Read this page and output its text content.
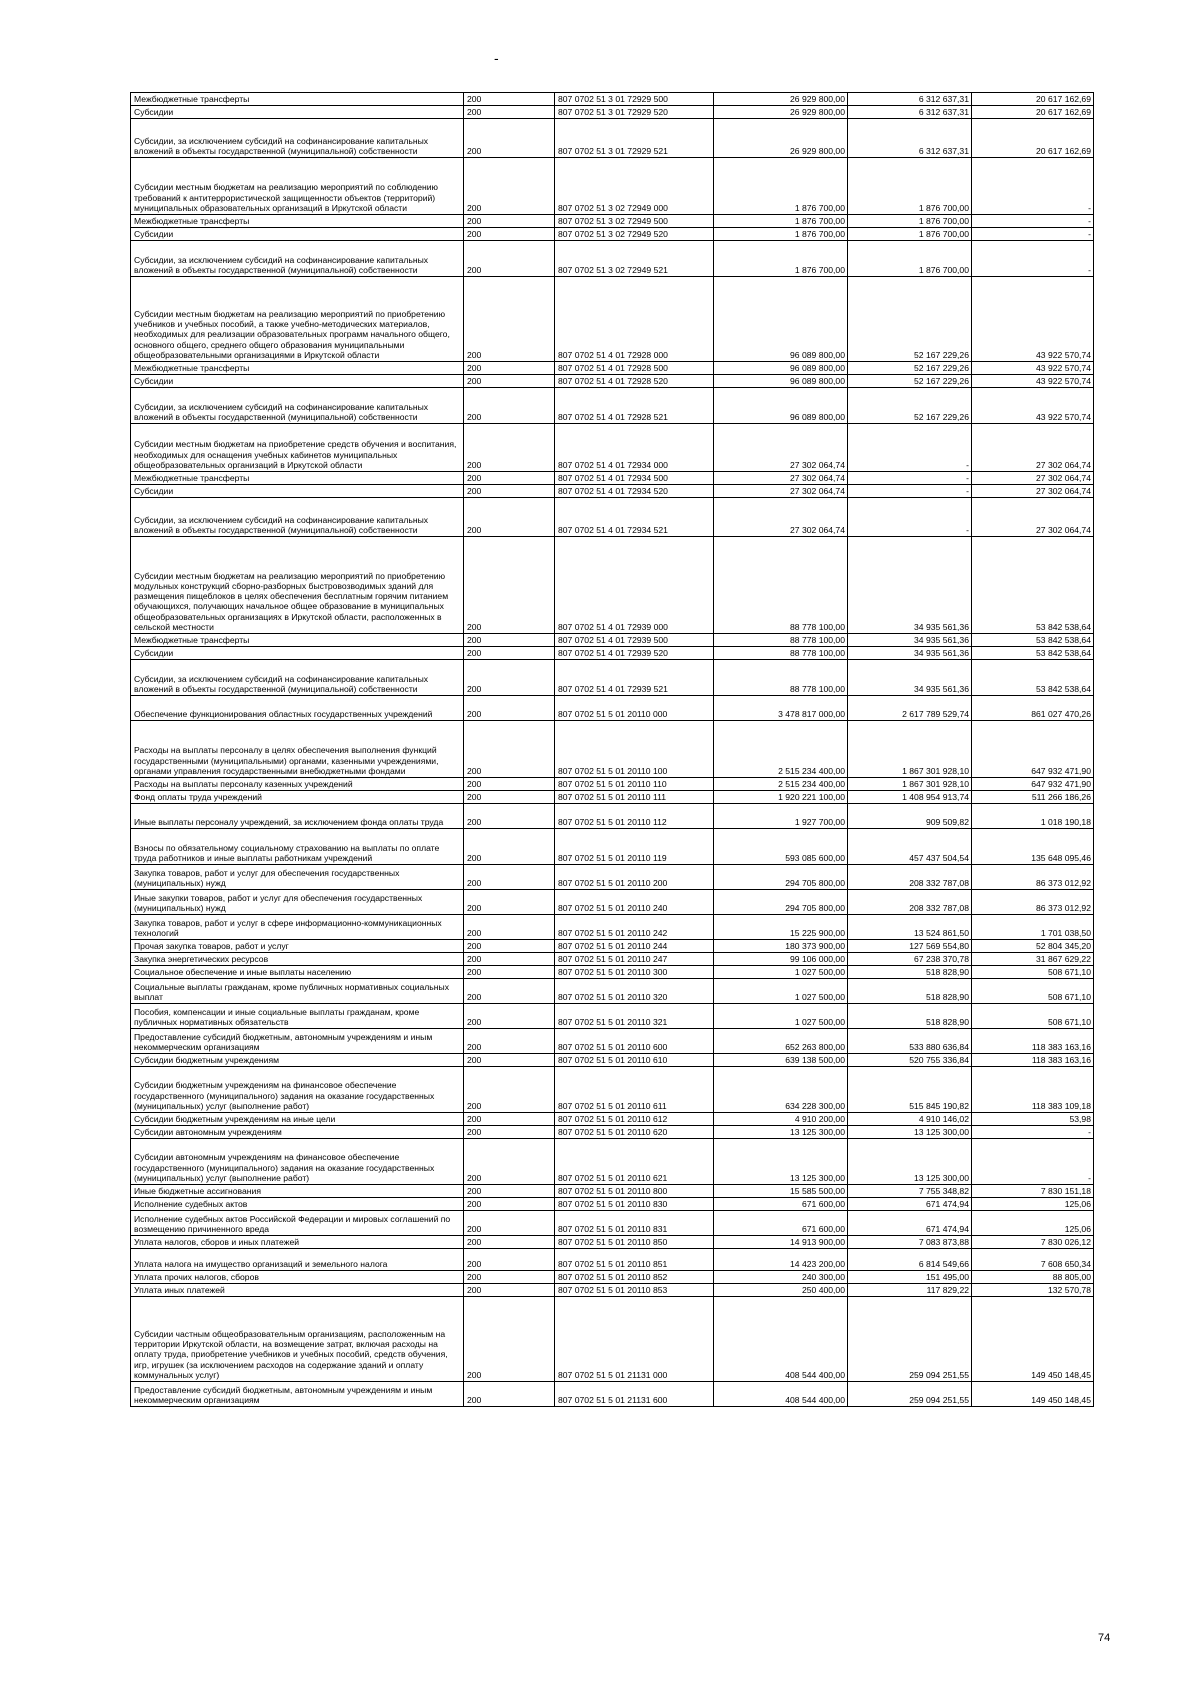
-
Межбюджетные трансферты	200	807 0702 51 3 01 72929 500	26 929 800,00	6 312 637,31	20 617 162,69
Субсидии	200	807 0702 51 3 01 72929 520	26 929 800,00	6 312 637,31	20 617 162,69
Субсидии, за исключением субсидий на софинансирование капитальных вложений в объекты государственной (муниципальной) собственности	200	807 0702 51 3 01 72929 521	26 929 800,00	6 312 637,31	20 617 162,69
Субсидии местным бюджетам на реализацию мероприятий по соблюдению требований к антитеррористической защищенности объектов (территорий) муниципальных образовательных организаций в Иркутской области	200	807 0702 51 3 02 72949 000	1 876 700,00	1 876 700,00	-
Межбюджетные трансферты	200	807 0702 51 3 02 72949 500	1 876 700,00	1 876 700,00	-
Субсидии	200	807 0702 51 3 02 72949 520	1 876 700,00	1 876 700,00	-
Субсидии, за исключением субсидий на софинансирование капитальных вложений в объекты государственной (муниципальной) собственности	200	807 0702 51 3 02 72949 521	1 876 700,00	1 876 700,00	-
Субсидии местным бюджетам на реализацию мероприятий по приобретению учебников и учебных пособий, а также учебно-методических материалов, необходимых для реализации образовательных программ начального общего, основного общего, среднего общего образования муниципальными общеобразовательными организациями в Иркутской области	200	807 0702 51 4 01 72928 000	96 089 800,00	52 167 229,26	43 922 570,74
Межбюджетные трансферты	200	807 0702 51 4 01 72928 500	96 089 800,00	52 167 229,26	43 922 570,74
Субсидии	200	807 0702 51 4 01 72928 520	96 089 800,00	52 167 229,26	43 922 570,74
Субсидии, за исключением субсидий на софинансирование капитальных вложений в объекты государственной (муниципальной) собственности	200	807 0702 51 4 01 72928 521	96 089 800,00	52 167 229,26	43 922 570,74
Субсидии местным бюджетам на приобретение средств обучения и воспитания, необходимых для оснащения учебных кабинетов муниципальных общеобразовательных организаций в Иркутской области	200	807 0702 51 4 01 72934 000	27 302 064,74	-	27 302 064,74
Межбюджетные трансферты	200	807 0702 51 4 01 72934 500	27 302 064,74	-	27 302 064,74
Субсидии	200	807 0702 51 4 01 72934 520	27 302 064,74	-	27 302 064,74
Субсидии, за исключением субсидий на софинансирование капитальных вложений в объекты государственной (муниципальной) собственности	200	807 0702 51 4 01 72934 521	27 302 064,74	-	27 302 064,74
Субсидии местным бюджетам на реализацию мероприятий по приобретению модульных конструкций сборно-разборных быстровозводимых зданий для размещения пищеблоков в целях обеспечения бесплатным горячим питанием обучающихся, получающих начальное общее образование в муниципальных общеобразовательных организациях в Иркутской области, расположенных в сельской местности	200	807 0702 51 4 01 72939 000	88 778 100,00	34 935 561,36	53 842 538,64
Межбюджетные трансферты	200	807 0702 51 4 01 72939 500	88 778 100,00	34 935 561,36	53 842 538,64
Субсидии	200	807 0702 51 4 01 72939 520	88 778 100,00	34 935 561,36	53 842 538,64
Субсидии, за исключением субсидий на софинансирование капитальных вложений в объекты государственной (муниципальной) собственности	200	807 0702 51 4 01 72939 521	88 778 100,00	34 935 561,36	53 842 538,64
Обеспечение функционирования областных государственных учреждений	200	807 0702 51 5 01 20110 000	3 478 817 000,00	2 617 789 529,74	861 027 470,26
Расходы на выплаты персоналу в целях обеспечения выполнения функций государственными (муниципальными) органами, казенными учреждениями, органами управления государственными внебюджетными фондами	200	807 0702 51 5 01 20110 100	2 515 234 400,00	1 867 301 928,10	647 932 471,90
Расходы на выплаты персоналу казенных учреждений	200	807 0702 51 5 01 20110 110	2 515 234 400,00	1 867 301 928,10	647 932 471,90
Фонд оплаты труда учреждений	200	807 0702 51 5 01 20110 111	1 920 221 100,00	1 408 954 913,74	511 266 186,26
Иные выплаты персоналу учреждений, за исключением фонда оплаты труда	200	807 0702 51 5 01 20110 112	1 927 700,00	909 509,82	1 018 190,18
Взносы по обязательному социальному страхованию на выплаты по оплате труда работников и иные выплаты работникам учреждений	200	807 0702 51 5 01 20110 119	593 085 600,00	457 437 504,54	135 648 095,46
Закупка товаров, работ и услуг для обеспечения государственных (муниципальных) нужд	200	807 0702 51 5 01 20110 200	294 705 800,00	208 332 787,08	86 373 012,92
Иные закупки товаров, работ и услуг для обеспечения государственных (муниципальных) нужд	200	807 0702 51 5 01 20110 240	294 705 800,00	208 332 787,08	86 373 012,92
Закупка товаров, работ и услуг в сфере информационно-коммуникационных технологий	200	807 0702 51 5 01 20110 242	15 225 900,00	13 524 861,50	1 701 038,50
Прочая закупка товаров, работ и услуг	200	807 0702 51 5 01 20110 244	180 373 900,00	127 569 554,80	52 804 345,20
Закупка энергетических ресурсов	200	807 0702 51 5 01 20110 247	99 106 000,00	67 238 370,78	31 867 629,22
Социальное обеспечение и иные выплаты населению	200	807 0702 51 5 01 20110 300	1 027 500,00	518 828,90	508 671,10
Социальные выплаты гражданам, кроме публичных нормативных социальных выплат	200	807 0702 51 5 01 20110 320	1 027 500,00	518 828,90	508 671,10
Пособия, компенсации и иные социальные выплаты гражданам, кроме публичных нормативных обязательств	200	807 0702 51 5 01 20110 321	1 027 500,00	518 828,90	508 671,10
Предоставление субсидий бюджетным, автономным учреждениям и иным некоммерческим организациям	200	807 0702 51 5 01 20110 600	652 263 800,00	533 880 636,84	118 383 163,16
Субсидии бюджетным учреждениям	200	807 0702 51 5 01 20110 610	639 138 500,00	520 755 336,84	118 383 163,16
Субсидии бюджетным учреждениям на финансовое обеспечение государственного (муниципального) задания на оказание государственных (муниципальных) услуг (выполнение работ)	200	807 0702 51 5 01 20110 611	634 228 300,00	515 845 190,82	118 383 109,18
Субсидии бюджетным учреждениям на иные цели	200	807 0702 51 5 01 20110 612	4 910 200,00	4 910 146,02	53,98
Субсидии автономным учреждениям	200	807 0702 51 5 01 20110 620	13 125 300,00	13 125 300,00	-
Субсидии автономным учреждениям на финансовое обеспечение государственного (муниципального) задания на оказание государственных (муниципальных) услуг (выполнение работ)	200	807 0702 51 5 01 20110 621	13 125 300,00	13 125 300,00	-
Иные бюджетные ассигнования	200	807 0702 51 5 01 20110 800	15 585 500,00	7 755 348,82	7 830 151,18
Исполнение судебных актов	200	807 0702 51 5 01 20110 830	671 600,00	671 474,94	125,06
Исполнение судебных актов Российской Федерации и мировых соглашений по возмещению причиненного вреда	200	807 0702 51 5 01 20110 831	671 600,00	671 474,94	125,06
Уплата налогов, сборов и иных платежей	200	807 0702 51 5 01 20110 850	14 913 900,00	7 083 873,88	7 830 026,12
Уплата налога на имущество организаций и земельного налога	200	807 0702 51 5 01 20110 851	14 423 200,00	6 814 549,66	7 608 650,34
Уплата прочих налогов, сборов	200	807 0702 51 5 01 20110 852	240 300,00	151 495,00	88 805,00
Уплата иных платежей	200	807 0702 51 5 01 20110 853	250 400,00	117 829,22	132 570,78
Субсидии частным общеобразовательным организациям, расположенным на территории Иркутской области, на возмещение затрат, включая расходы на оплату труда, приобретение учебников и учебных пособий, средств обучения, игр, игрушек (за исключением расходов на содержание зданий и оплату коммунальных услуг)	200	807 0702 51 5 01 21131 000	408 544 400,00	259 094 251,55	149 450 148,45
Предоставление субсидий бюджетным, автономным учреждениям и иным некоммерческим организациям	200	807 0702 51 5 01 21131 600	408 544 400,00	259 094 251,55	149 450 148,45
74
